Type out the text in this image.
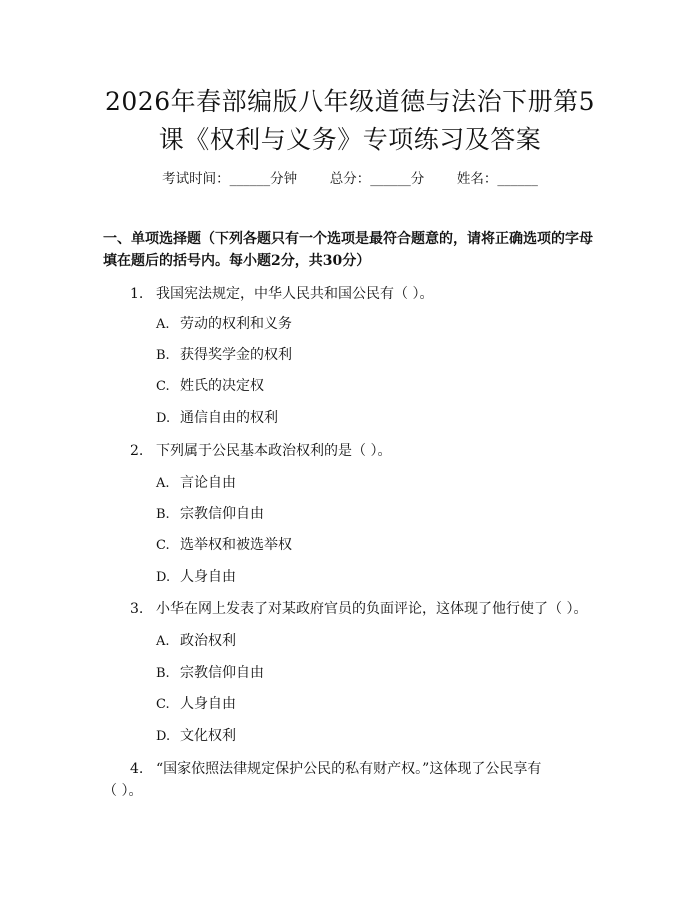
2026年春部编版八年级道德与法治下册第5
课《权利与义务》专项练习及答案
考试时间：______分钟 总分：______分 姓名：______
一、单项选择题（下列各题只有一个选项是最符合题意的，请将正确选项的字母填在题后的括号内。每小题2分，共30分）
1. 我国宪法规定，中华人民共和国公民有（ ）。
A. 劳动的权利和义务
B. 获得奖学金的权利
C. 姓氏的决定权
D. 通信自由的权利
2. 下列属于公民基本政治权利的是（ ）。
A. 言论自由
B. 宗教信仰自由
C. 选举权和被选举权
D. 人身自由
3. 小华在网上发表了对某政府官员的负面评论，这体现了他行使了（ ）。
A. 政治权利
B. 宗教信仰自由
C. 人身自由
D. 文化权利
4. “国家依照法律规定保护公民的私有财产权。”这体现了公民享有
（ ）。
